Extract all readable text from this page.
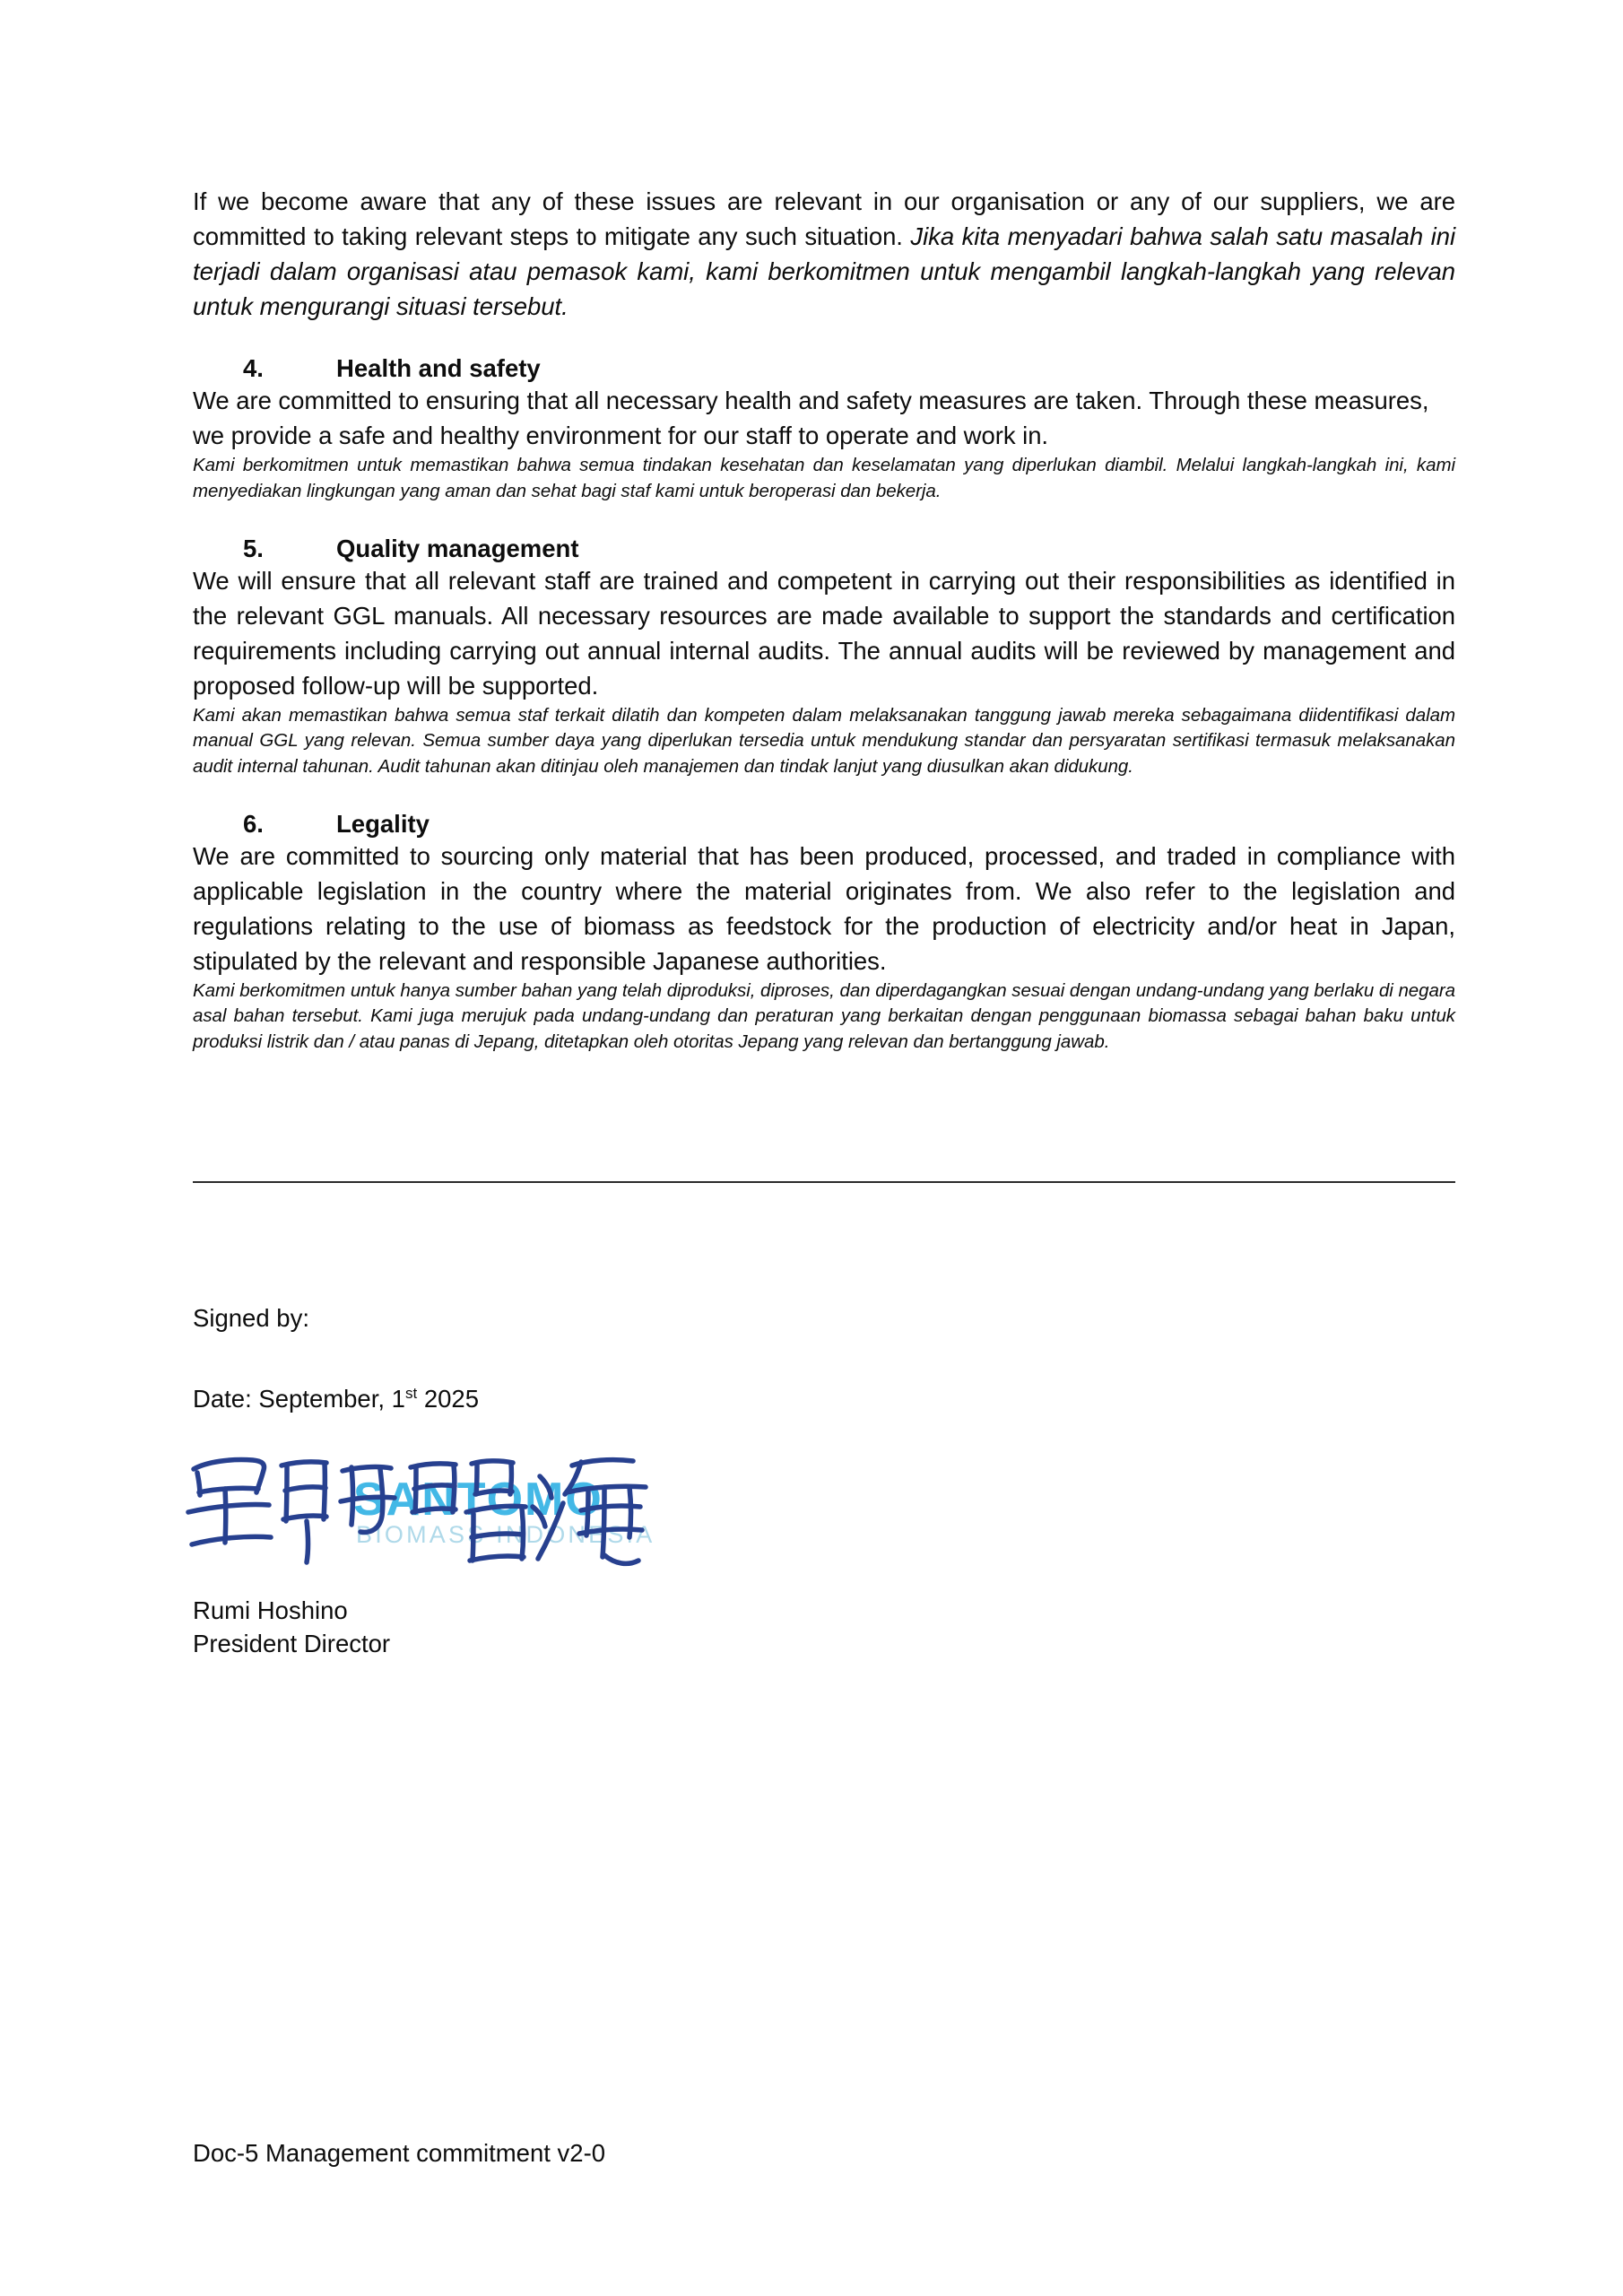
If we become aware that any of these issues are relevant in our organisation or any of our suppliers, we are committed to taking relevant steps to mitigate any such situation. Jika kita menyadari bahwa salah satu masalah ini terjadi dalam organisasi atau pemasok kami, kami berkomitmen untuk mengambil langkah-langkah yang relevan untuk mengurangi situasi tersebut.

4.	Health and safety

We are committed to ensuring that all necessary health and safety measures are taken. Through these measures, we provide a safe and healthy environment for our staff to operate and work in.

Kami berkomitmen untuk memastikan bahwa semua tindakan kesehatan dan keselamatan yang diperlukan diambil. Melalui langkah-langkah ini, kami menyediakan lingkungan yang aman dan sehat bagi staf kami untuk beroperasi dan bekerja.

5.	Quality management

We will ensure that all relevant staff are trained and competent in carrying out their responsibilities as identified in the relevant GGL manuals. All necessary resources are made available to support the standards and certification requirements including carrying out annual internal audits. The annual audits will be reviewed by management and proposed follow-up will be supported.

Kami akan memastikan bahwa semua staf terkait dilatih dan kompeten dalam melaksanakan tanggung jawab mereka sebagaimana diidentifikasi dalam manual GGL yang relevan. Semua sumber daya yang diperlukan tersedia untuk mendukung standar dan persyaratan sertifikasi termasuk melaksanakan audit internal tahunan. Audit tahunan akan ditinjau oleh manajemen dan tindak lanjut yang diusulkan akan didukung.

6.	Legality

We are committed to sourcing only material that has been produced, processed, and traded in compliance with applicable legislation in the country where the material originates from. We also refer to the legislation and regulations relating to the use of biomass as feedstock for the production of electricity and/or heat in Japan, stipulated by the relevant and responsible Japanese authorities.

Kami berkomitmen untuk hanya sumber bahan yang telah diproduksi, diproses, dan diperdagangkan sesuai dengan undang-undang yang berlaku di negara asal bahan tersebut. Kami juga merujuk pada undang-undang dan peraturan yang berkaitan dengan penggunaan biomassa sebagai bahan baku untuk produksi listrik dan / atau panas di Jepang, ditetapkan oleh otoritas Jepang yang relevan dan bertanggung jawab.

Signed by:
Date: September, 1st 2025
SANTOMO
BIOMASS INDONESIA
Rumi Hoshino
President Director
Doc-5 Management commitment v2-0
